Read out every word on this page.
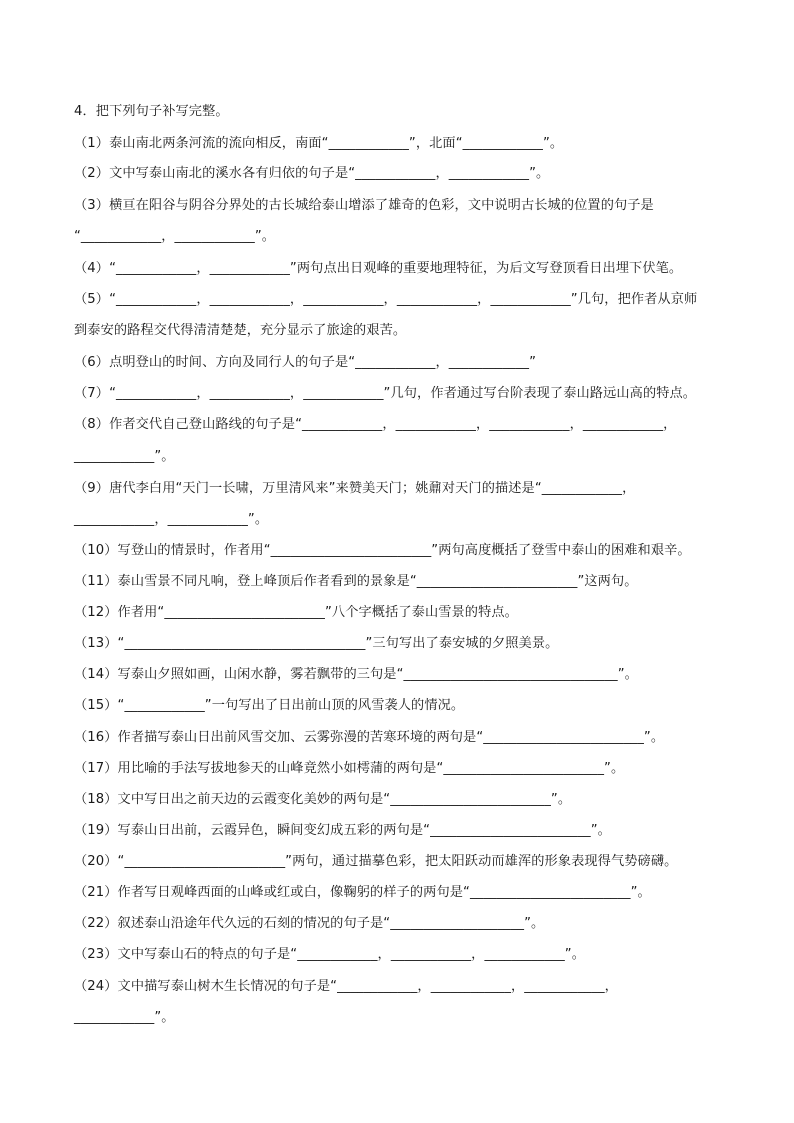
4．把下列句子补写完整。
（1）泰山南北两条河流的流向相反，南面“____________”，北面“____________”。
（2）文中写泰山南北的溪水各有归依的句子是“____________，____________”。
（3）横亘在阳谷与阴谷分界处的古长城给泰山增添了雄奇的色彩，文中说明古长城的位置的句子是
“____________，____________”。
（4）“____________，____________”两句点出日观峰的重要地理特征，为后文写登顶看日出埋下伏笔。
（5）“____________，____________，____________，____________，____________”几句，把作者从京师
到泰安的路程交代得清清楚楚，充分显示了旅途的艰苦。
（6）点明登山的时间、方向及同行人的句子是“____________，____________”
（7）“____________，____________，____________”几句，作者通过写台阶表现了泰山路远山高的特点。
（8）作者交代自己登山路线的句子是“____________，____________，____________，____________，
____________”。
（9）唐代李白用“天门一长啸，万里清风来”来赞美天门；姚鼐对天门的描述是“____________，
____________，____________”。
（10）写登山的情景时，作者用“________________________”两句高度概括了登雪中泰山的困难和艰辛。
（11）泰山雪景不同凡响，登上峰顶后作者看到的景象是“________________________”这两句。
（12）作者用“________________________”八个字概括了泰山雪景的特点。
（13）“____________________________________”三句写出了泰安城的夕照美景。
（14）写泰山夕照如画，山闲水静，雾若飘带的三句是“________________________________”。
（15）“____________”一句写出了日出前山顶的风雪袭人的情况。
（16）作者描写泰山日出前风雪交加、云雾弥漫的苦寒环境的两句是“________________________”。
（17）用比喻的手法写拔地参天的山峰竟然小如樗蒲的两句是“________________________”。
（18）文中写日出之前天边的云霞变化美妙的两句是“________________________”。
（19）写泰山日出前，云霞异色，瞬间变幻成五彩的两句是“________________________”。
（20）“________________________”两句，通过描摹色彩，把太阳跃动而雄浑的形象表现得气势磅礴。
（21）作者写日观峰西面的山峰或红或白，像鞠躬的样子的两句是“________________________”。
（22）叙述泰山沿途年代久远的石刻的情况的句子是“____________________”。
（23）文中写泰山石的特点的句子是“____________，____________，____________”。
（24）文中描写泰山树木生长情况的句子是“____________，____________，____________，
____________”。
